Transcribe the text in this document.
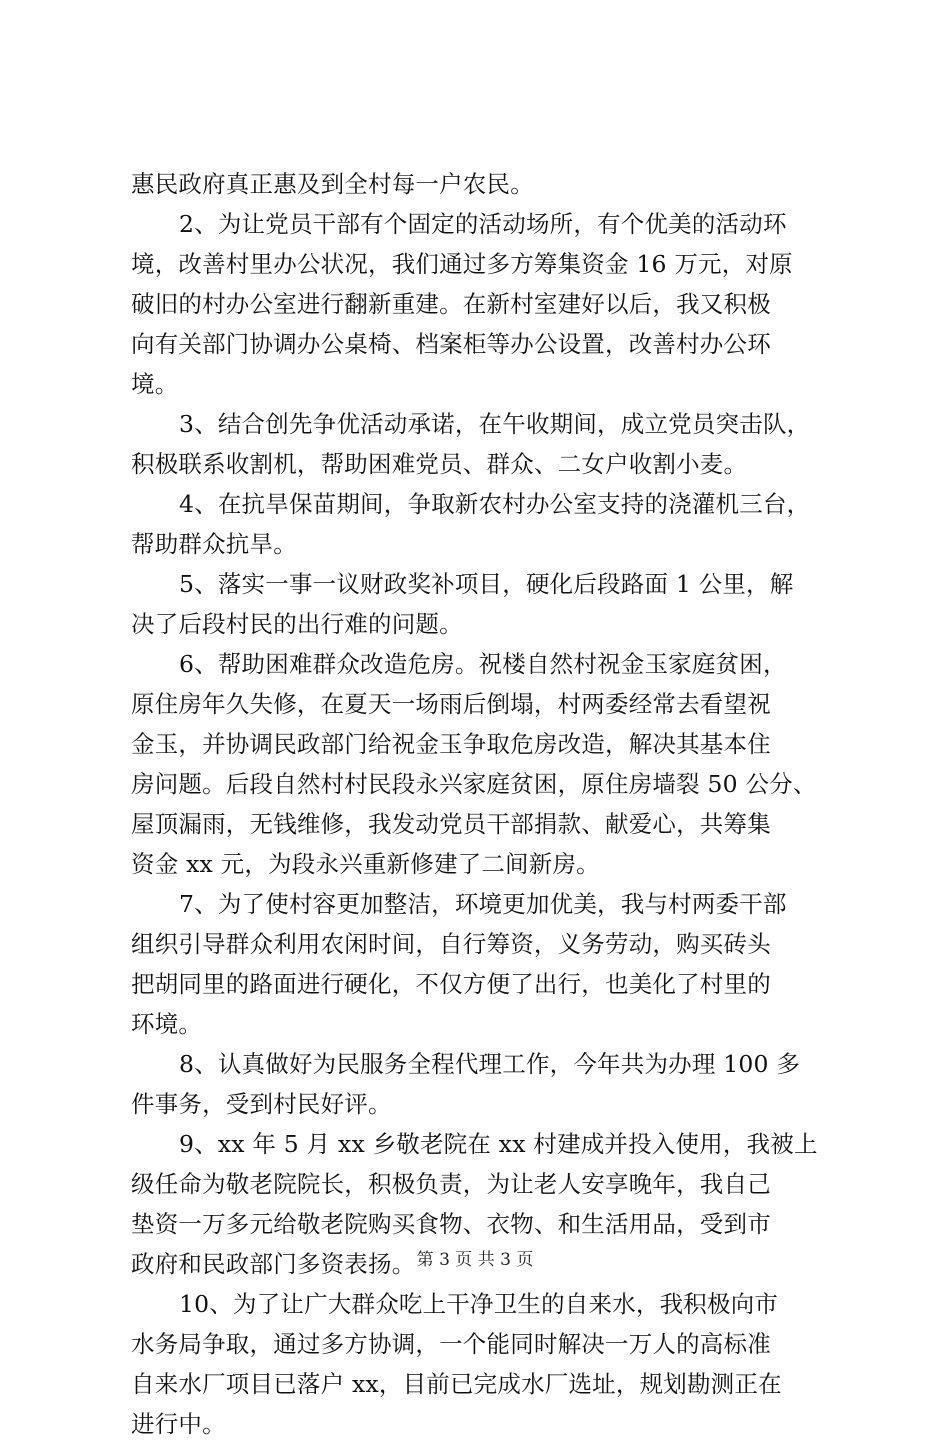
惠民政府真正惠及到全村每一户农民。
2、为让党员干部有个固定的活动场所，有个优美的活动环
境，改善村里办公状况，我们通过多方筹集资金 16 万元，对原
破旧的村办公室进行翻新重建。在新村室建好以后，我又积极
向有关部门协调办公桌椅、档案柜等办公设置，改善村办公环
境。
3、结合创先争优活动承诺，在午收期间，成立党员突击队，
积极联系收割机，帮助困难党员、群众、二女户收割小麦。
4、在抗旱保苗期间，争取新农村办公室支持的浇灌机三台，
帮助群众抗旱。
5、落实一事一议财政奖补项目，硬化后段路面 1 公里，解
决了后段村民的出行难的问题。
6、帮助困难群众改造危房。祝楼自然村祝金玉家庭贫困，
原住房年久失修，在夏天一场雨后倒塌，村两委经常去看望祝
金玉，并协调民政部门给祝金玉争取危房改造，解决其基本住
房问题。后段自然村村民段永兴家庭贫困，原住房墙裂 50 公分、
屋顶漏雨，无钱维修，我发动党员干部捐款、献爱心，共筹集
资金 xx 元，为段永兴重新修建了二间新房。
7、为了使村容更加整洁，环境更加优美，我与村两委干部
组织引导群众利用农闲时间，自行筹资，义务劳动，购买砖头
把胡同里的路面进行硬化，不仅方便了出行，也美化了村里的
环境。
8、认真做好为民服务全程代理工作，今年共为办理 100 多
件事务，受到村民好评。
9、xx 年 5 月 xx 乡敬老院在 xx 村建成并投入使用，我被上
级任命为敬老院院长，积极负责，为让老人安享晚年，我自己
垫资一万多元给敬老院购买食物、衣物、和生活用品，受到市
政府和民政部门多资表扬。
10、为了让广大群众吃上干净卫生的自来水，我积极向市
水务局争取，通过多方协调，一个能同时解决一万人的高标准
自来水厂项目已落户 xx，目前已完成水厂选址，规划勘测正在
进行中。
第 3 页 共 3 页
